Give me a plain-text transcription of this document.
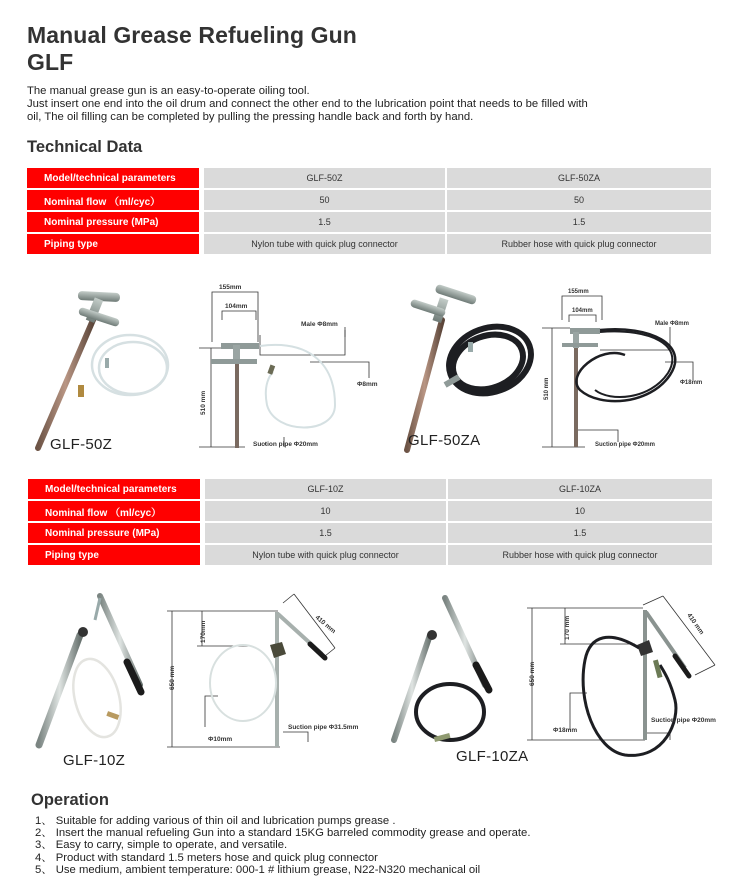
Manual Grease Refueling Gun
GLF
The manual grease gun is an easy-to-operate oiling tool.
Just insert one end into the oil drum and connect the other end to the lubrication point that needs to be filled with
oil, The oil filling can be completed by pulling the pressing handle back and forth by hand.
Technical Data
Model/technical parameters	GLF-50Z	GLF-50ZA
Nominal flow （ml/cyc）	50	50
Nominal pressure (MPa)	1.5	1.5
Piping type	Nylon tube with quick plug connector	Rubber hose with quick plug connector
GLF-50Z
155mm
104mm
Male Φ8mm
Φ8mm
510 mm
Suction pipe Φ20mm	GLF-50ZA
155mm
104mm
Male Φ8mm
Φ18mm
510 mm
Suction pipe Φ20mm
Model/technical parameters	GLF-10Z	GLF-10ZA
Nominal flow （ml/cyc）	10	10
Nominal pressure (MPa)	1.5	1.5
Piping type	Nylon tube with quick plug connector	Rubber hose with quick plug connector
GLF-10Z
170mm
650 mm
410 mm
Φ10mm
Suction pipe Φ31.5mm
GLF-10ZA
170 mm
650 mm
410 mm
Φ18mm
Suction pipe Φ20mm
Operation
1、 Suitable for adding various of thin oil and lubrication pumps grease .
2、 Insert the manual refueling Gun into a standard 15KG barreled commodity grease and operate.
3、 Easy to carry, simple to operate, and versatile.
4、 Product with standard 1.5 meters hose and quick plug connector
5、 Use medium, ambient temperature: 000-1 # lithium grease, N22-N320 mechanical oil
